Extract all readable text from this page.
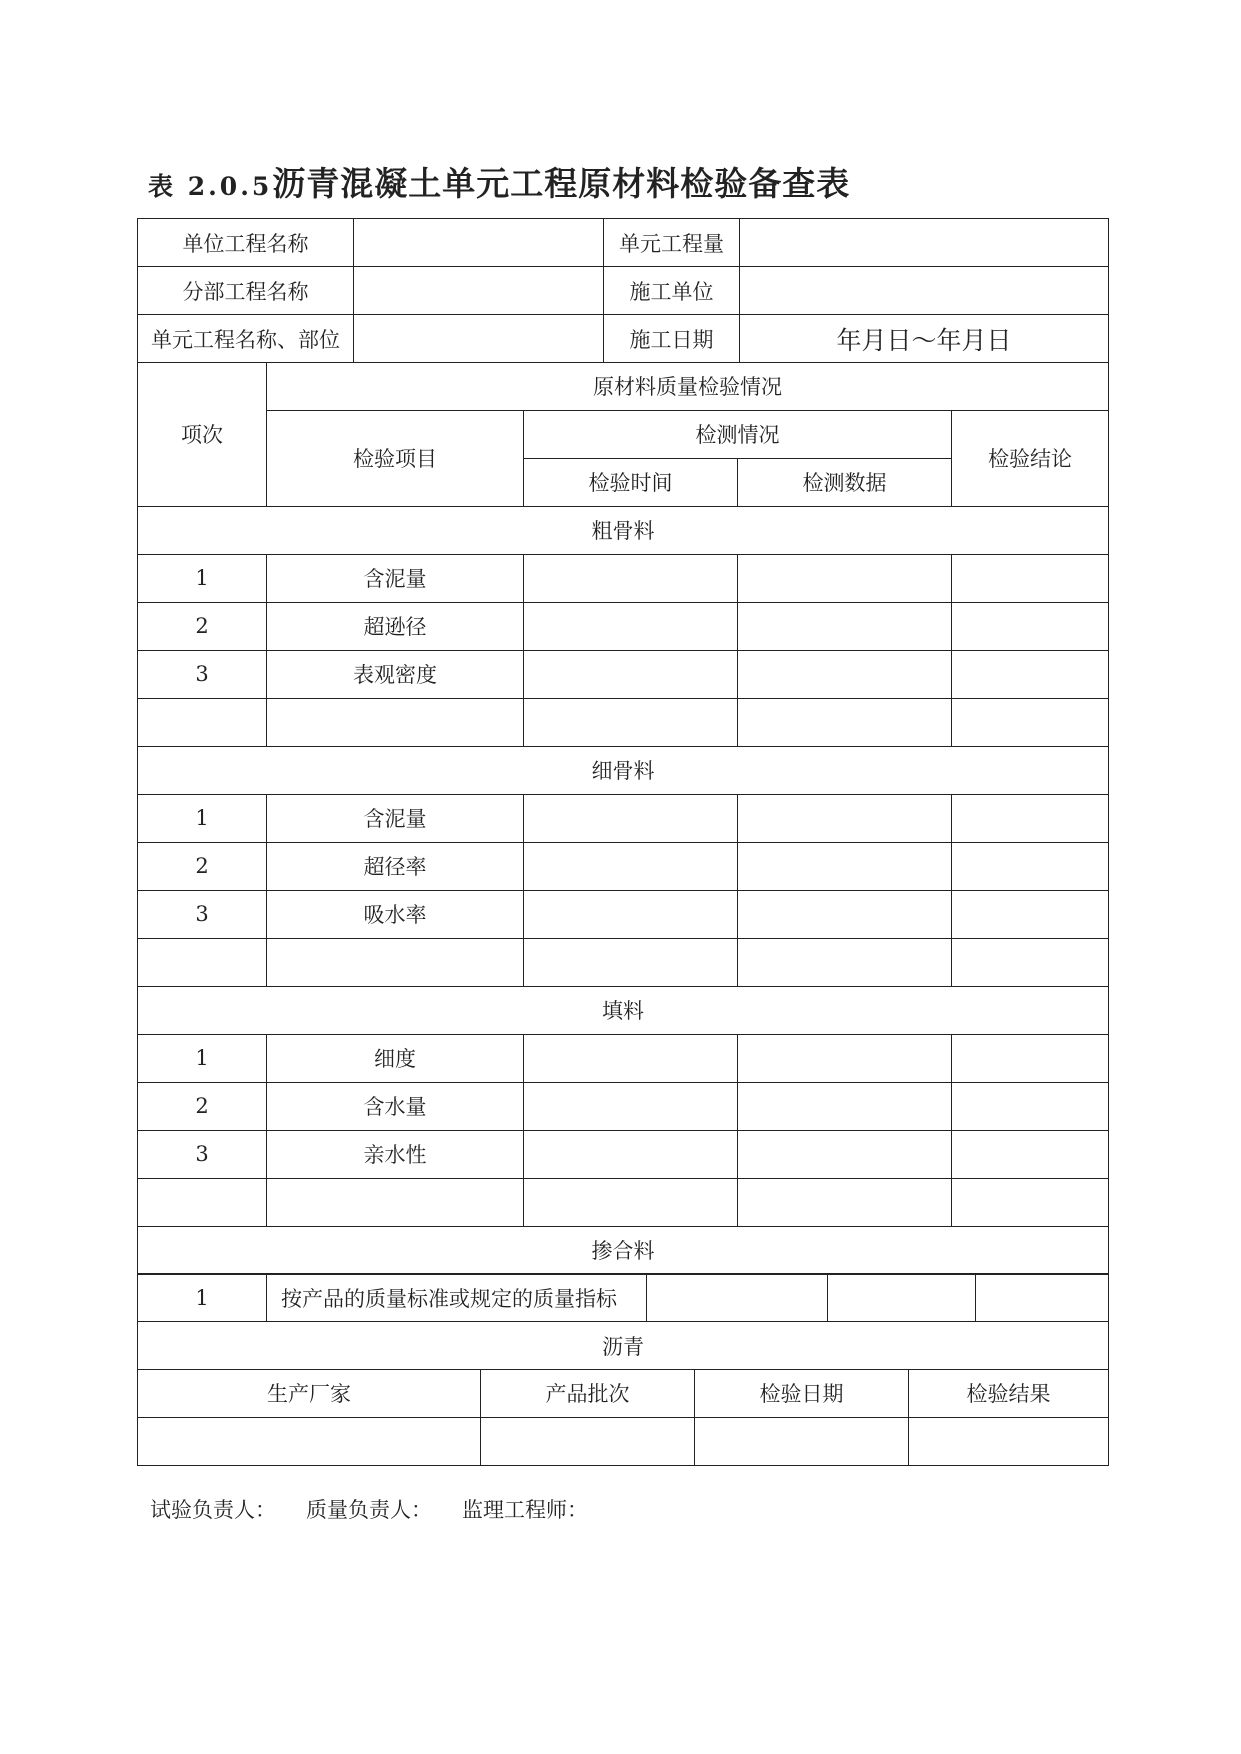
表 2.0.5沥青混凝土单元工程原材料检验备查表
单位工程名称		单元工程量	
分部工程名称		施工单位	
单元工程名称、部位		施工日期	年月日～年月日
项次	原材料质量检验情况			
	检验项目	检测情况		检验结论
		检验时间	检测数据	
粗骨料				
1	含泥量			
2	超逊径			
3	表观密度			

细骨料				
1	含泥量			
2	超径率			
3	吸水率			

填料				
1	细度			
2	含水量			
3	亲水性			

掺合料				
1	按产品的质量标准或规定的质量指标			
沥青
生产厂家	产品批次	检验日期	检验结果

试验负责人： 质量负责人： 监理工程师：
